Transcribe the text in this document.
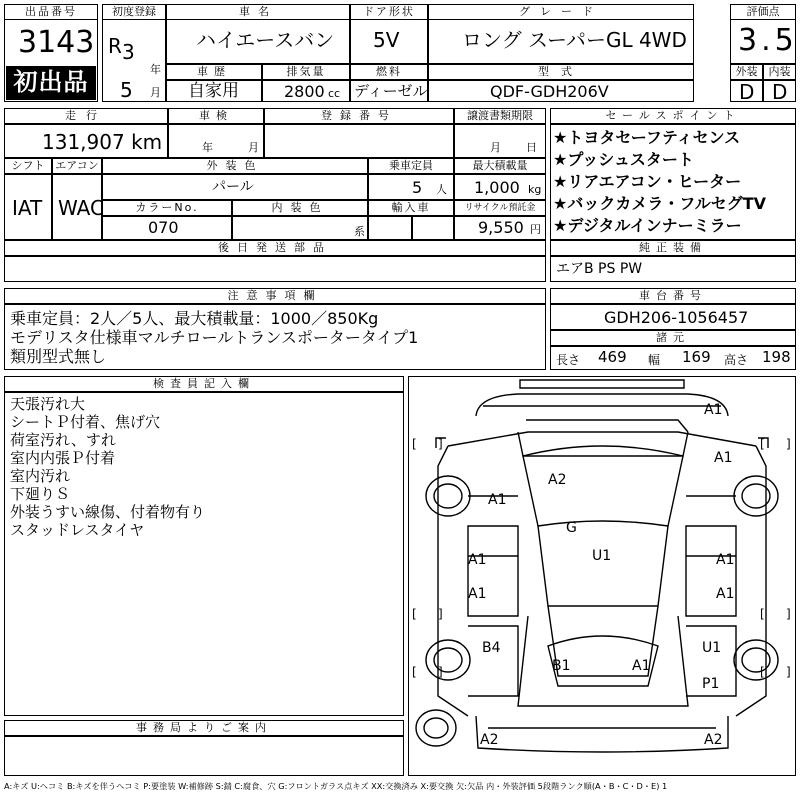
出品番号
3143
初出品
初度登録
R 3
年
5 月
車名
ハイエースバン
ドア形状
5V
グレード
ロング スーパーGL 4WD
評価点
3.5
車歴
自家用
排気量
2800 cc
燃料
ディーゼル
型式
QDF-GDH206V
外装	内装
D D
走行
131,907 km
車検
年	月
登録番号	譲渡書類期限
月 日
シフト エアコン
IAT WAC
外装色
パール
乗車定員
5 人
最大積載量
1,000 kg
カラーNo.
070
内装色
系
輸入車	リサイクル預託金
9,550 円
後日発送部品
セールスポイント
★トヨタセーフティセンス
★プッシュスタート
★リアエアコン・ヒーター
★バックカメラ・フルセグTV
★デジタルインナーミラー
純正装備
エアB PS PW
注意事項欄
乗車定員：2人／5人、最大積載量：1000／850Kg
モデリスタ仕様車マルチロールトランスポータータイプ1
類別型式無し
車台番号
GDH206-1056457
諸元
長さ 469 幅 169 高さ 198
検査員記入欄
天張汚れ大
シートＰ付着、焦げ穴
荷室汚れ、すれ
室内内張Ｐ付着
室内汚れ
下廻りＳ
外装うすい線傷、付着物有り
スタッドレスタイヤ
事務局よりご案内
[ ]	[ ]
[ ]	[ ]
[ ]	[ ]
A1
A1
A1
A2
G
U1
A1	A1
A1	A1
B4	U1
B1	A1
P1
A2	A2
A:キズ U:ヘコミ B:キズを伴うヘコミ P:要塗装 W:補修跡 S:錆 C:腐食、穴 G:フロントガラス点キズ XX:交換済み X:要交換 欠:欠品 内・外装評価 5段階ランク順(A・B・C・D・E) 1
